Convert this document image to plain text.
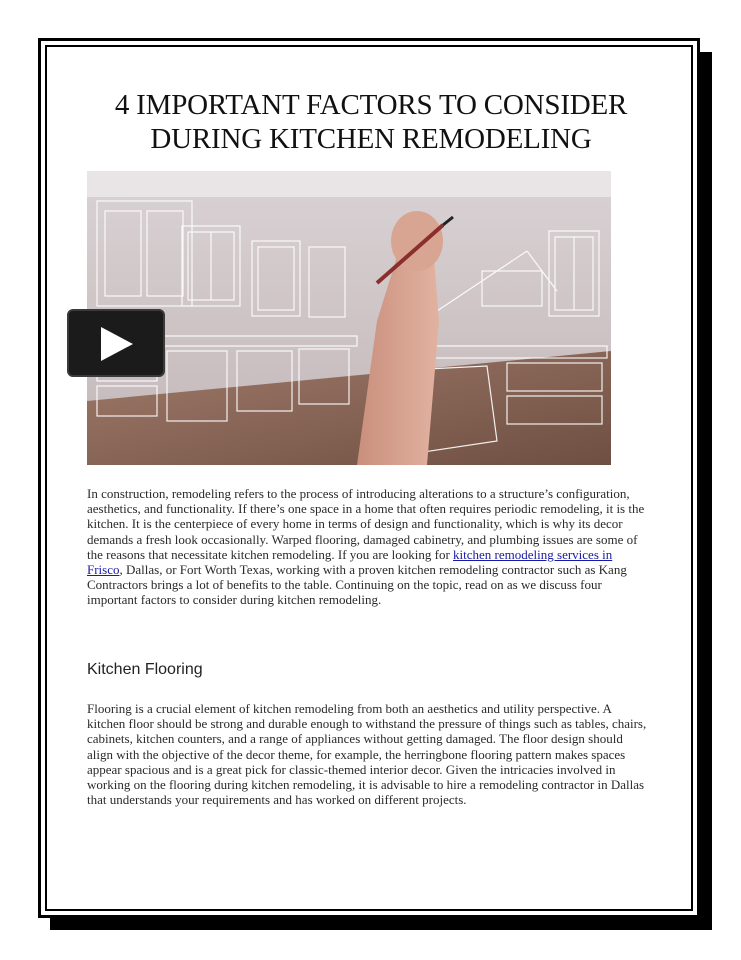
4 IMPORTANT FACTORS TO CONSIDER
DURING KITCHEN REMODELING

In construction, remodeling refers to the process of introducing alterations to a structure’s configuration, aesthetics, and functionality. If there’s one space in a home that often requires periodic remodeling, it is the kitchen. It is the centerpiece of every home in terms of design and functionality, which is why its decor demands a fresh look occasionally. Warped flooring, damaged cabinetry, and plumbing issues are some of the reasons that necessitate kitchen remodeling. If you are looking for kitchen remodeling services in Frisco, Dallas, or Fort Worth Texas, working with a proven kitchen remodeling contractor such as Kang Contractors brings a lot of benefits to the table. Continuing on the topic, read on as we discuss four important factors to consider during kitchen remodeling.

Kitchen Flooring

Flooring is a crucial element of kitchen remodeling from both an aesthetics and utility perspective. A kitchen floor should be strong and durable enough to withstand the pressure of things such as tables, chairs, cabinets, kitchen counters, and a range of appliances without getting damaged. The floor design should align with the objective of the decor theme, for example, the herringbone flooring pattern makes spaces appear spacious and is a great pick for classic-themed interior decor. Given the intricacies involved in working on the flooring during kitchen remodeling, it is advisable to hire a remodeling contractor in Dallas that understands your requirements and has worked on different projects.
